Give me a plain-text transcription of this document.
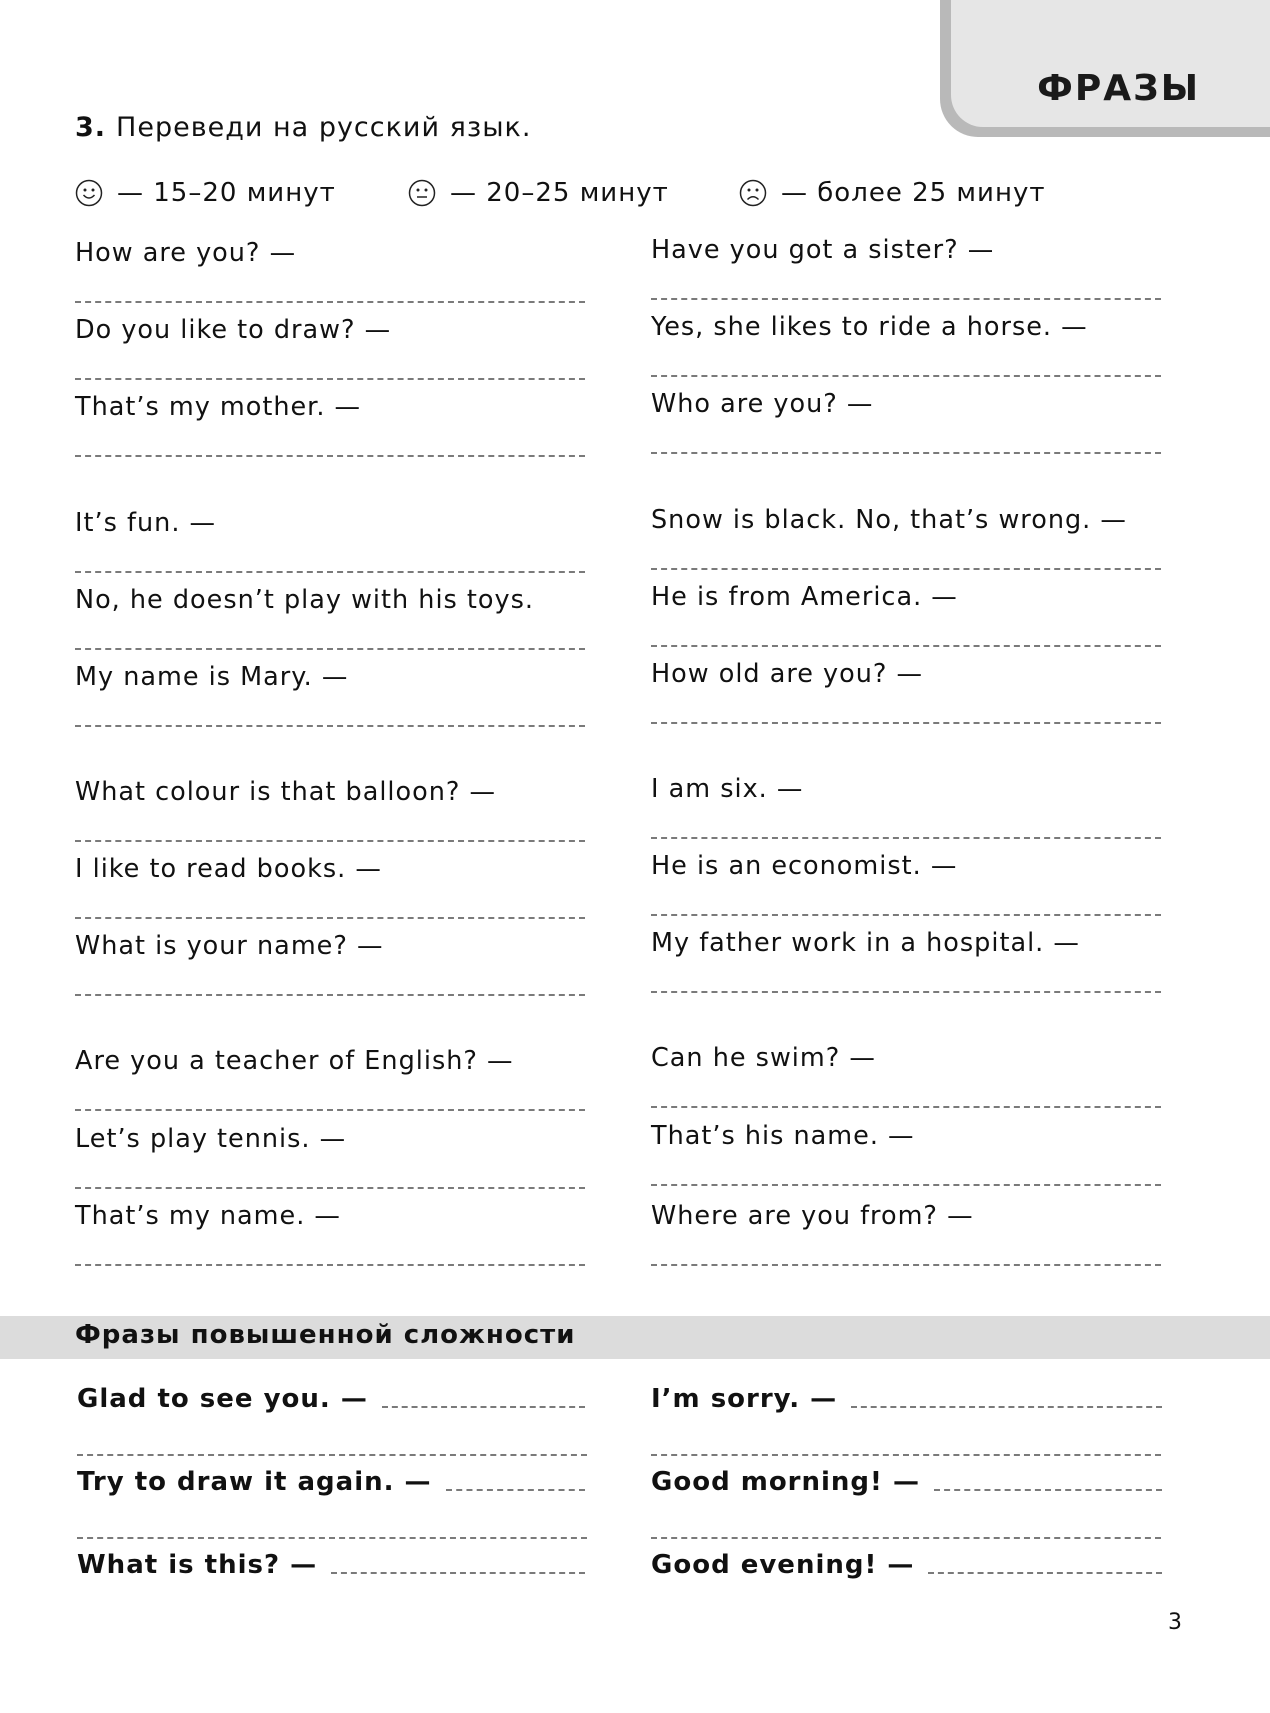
ФРАЗЫ
3. Переведи на русский язык.
— 15–20 минут	— 20–25 минут	— более 25 минут
How are you? —
Do you like to draw? —
That’s my mother. —
It’s fun. —
No, he doesn’t play with his toys.
My name is Mary. —
What colour is that balloon? —
I like to read books. —
What is your name? —
Are you a teacher of English? —
Let’s play tennis. —
That’s my name. —
Have you got a sister? —
Yes, she likes to ride a horse. —
Who are you? —
Snow is black. No, that’s wrong. —
He is from America. —
How old are you? —
I am six. —
He is an economist. —
My father work in a hospital. —
Can he swim? —
That’s his name. —
Where are you from? —
Фразы повышенной сложности
Glad to see you. —
Try to draw it again. —
What is this? —
I’m sorry. —
Good morning! —
Good evening! —
3
